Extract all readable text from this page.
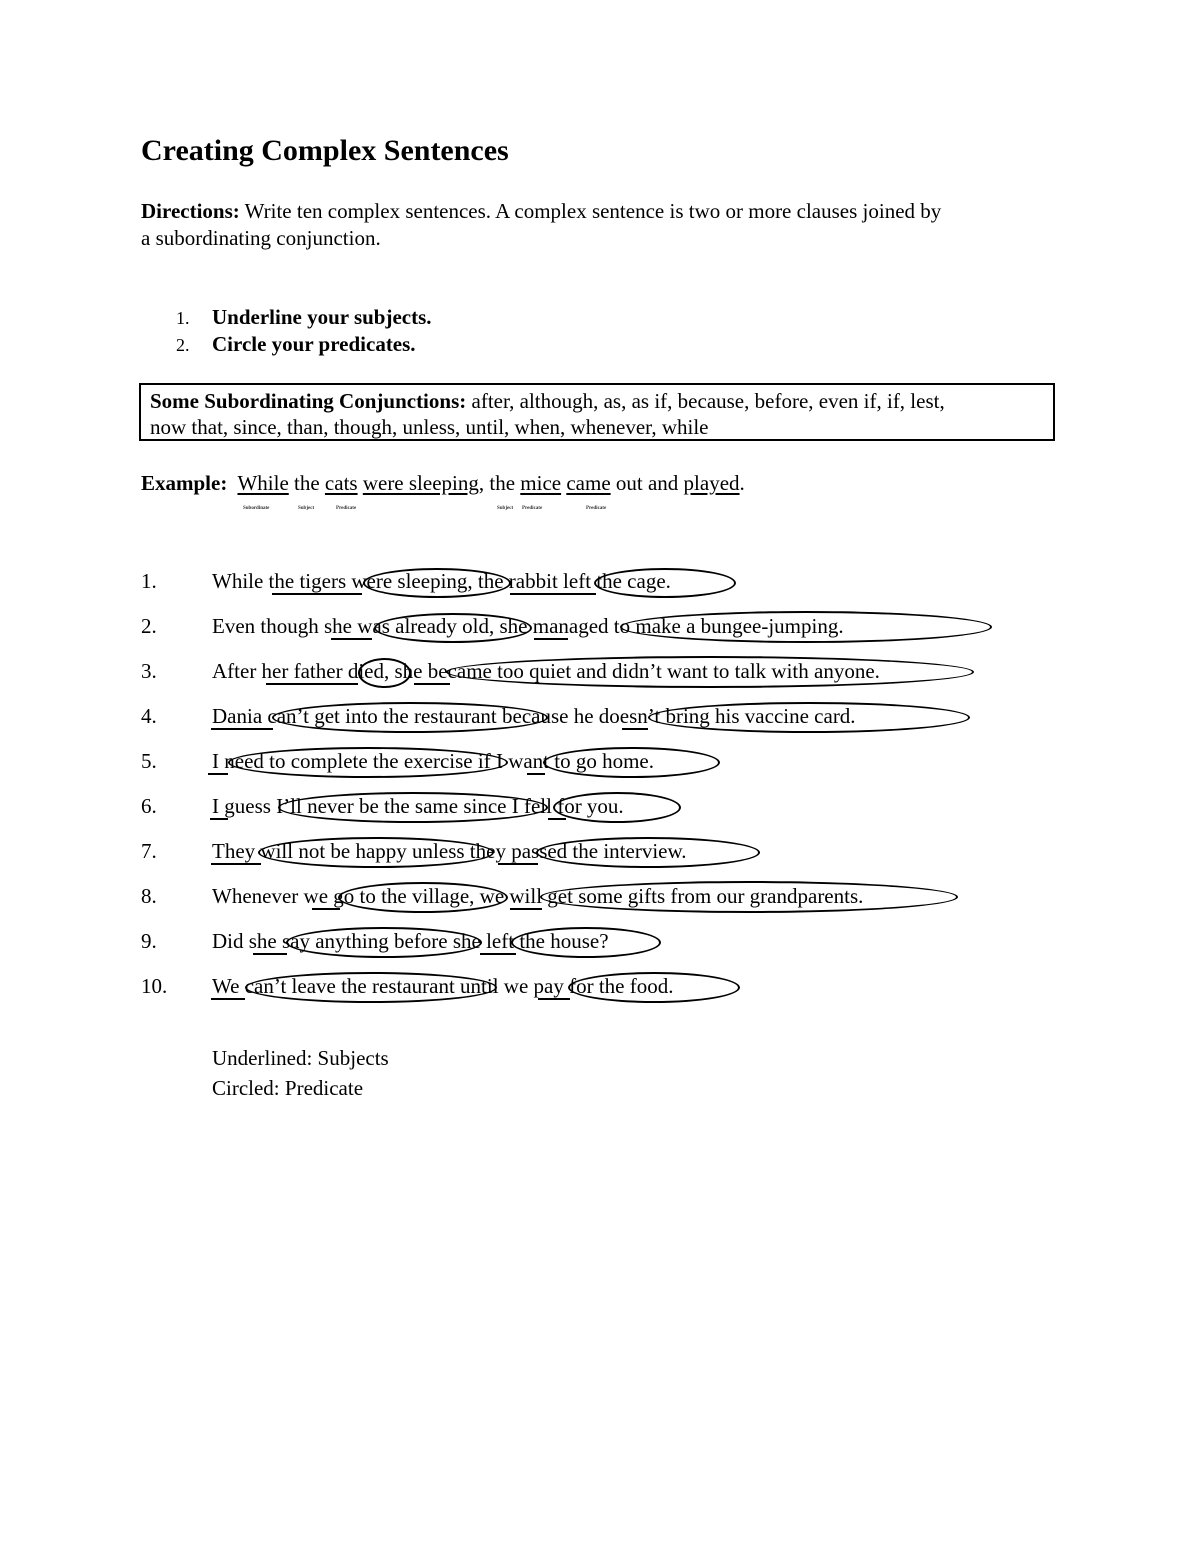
Creating Complex Sentences
Directions: Write ten complex sentences. A complex sentence is two or more clauses joined by
a subordinating conjunction.
1. Underline your subjects.
2. Circle your predicates.
Some Subordinating Conjunctions: after, although, as, as if, because, before, even if, if, lest,
now that, since, than, though, unless, until, when, whenever, while
Example: While the cats were sleeping, the mice came out and played.
Subordinate	Subject	Predicate	Subject Predicate	Predicate
1.	While the tigers were sleeping, the rabbit left the cage.
2.	Even though she was already old, she managed to make a bungee-jumping.
3.	After her father died, she became too quiet and didn’t want to talk with anyone.
4.	Dania can’t get into the restaurant because he doesn’t bring his vaccine card.
5.	I need to complete the exercise if I want to go home.
6.	I guess I’ll never be the same since I fell for you.
7.	They will not be happy unless they passed the interview.
8.	Whenever we go to the village, we will get some gifts from our grandparents.
9.	Did she say anything before she left the house?
10. We can’t leave the restaurant until we pay for the food.
Underlined: Subjects
Circled: Predicate
